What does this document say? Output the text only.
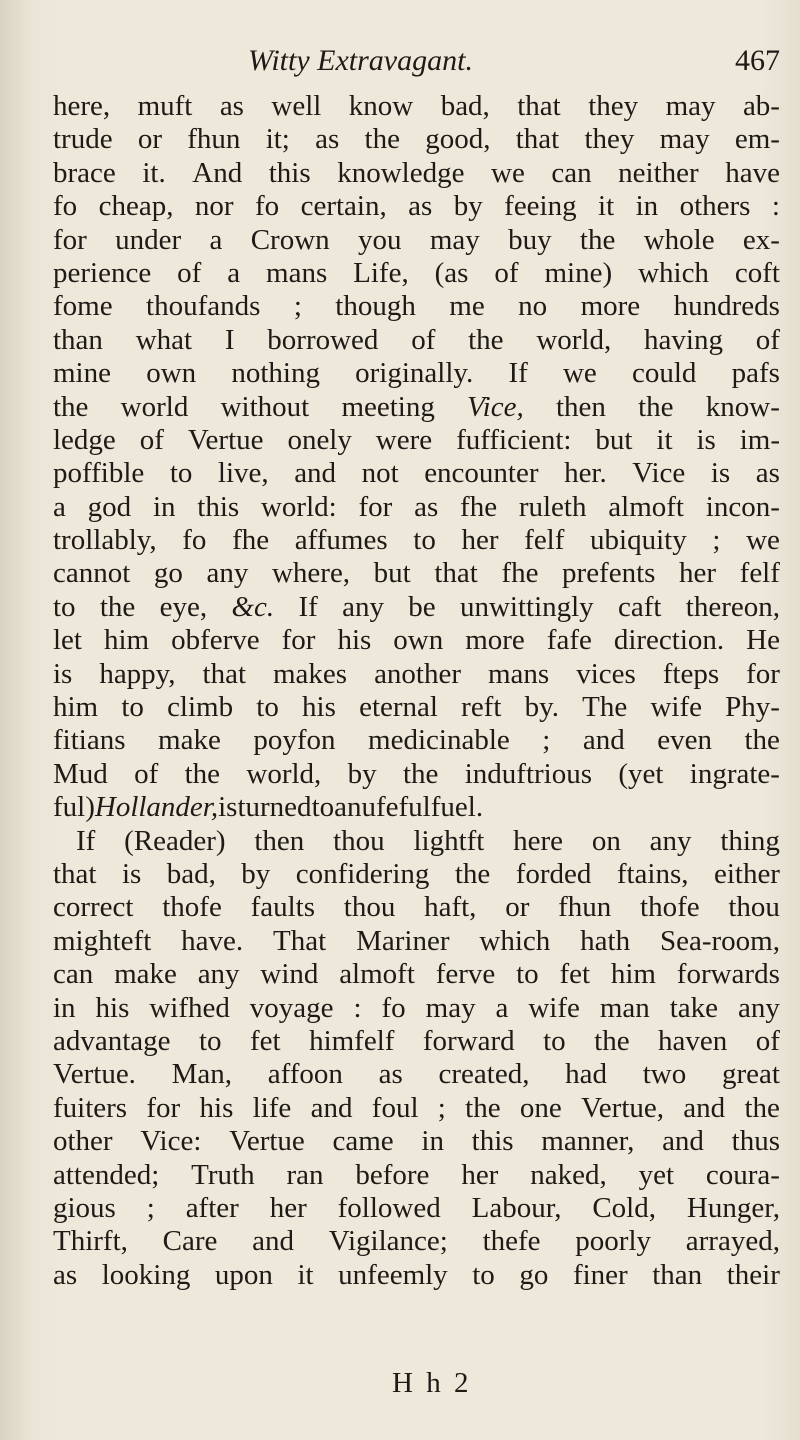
Witty Extravagant.	467
here, muft as well know bad, that they may ab-
trude or fhun it; as the good, that they may em-
brace it. And this knowledge we can neither have
fo cheap, nor fo certain, as by feeing it in others :
for under a Crown you may buy the whole ex-
perience of a mans Life, (as of mine) which coft
fome thoufands ; though me no more hundreds
than what I borrowed of the world, having of
mine own nothing originally. If we could pafs
the world without meeting Vice, then the know-
ledge of Vertue onely were fufficient: but it is im-
poffible to live, and not encounter her. Vice is as
a god in this world: for as fhe ruleth almoft incon-
trollably, fo fhe affumes to her felf ubiquity ; we
cannot go any where, but that fhe prefents her felf
to the eye, &c. If any be unwittingly caft thereon,
let him obferve for his own more fafe direction. He
is happy, that makes another mans vices fteps for
him to climb to his eternal reft by. The wife Phy-
fitians make poyfon medicinable ; and even the
Mud of the world, by the induftrious (yet ingrate-
ful) Hollander, is turned to an ufeful fuel.
If (Reader) then thou lightft here on any thing
that is bad, by confidering the forded ftains, either
correct thofe faults thou haft, or fhun thofe thou
mighteft have. That Mariner which hath Sea-room,
can make any wind almoft ferve to fet him forwards
in his wifhed voyage : fo may a wife man take any
advantage to fet himfelf forward to the haven of
Vertue. Man, affoon as created, had two great
fuiters for his life and foul ; the one Vertue, and the
other Vice: Vertue came in this manner, and thus
attended; Truth ran before her naked, yet coura-
gious ; after her followed Labour, Cold, Hunger,
Thirft, Care and Vigilance; thefe poorly arrayed,
as looking upon it unfeemly to go finer than their
H h 2
